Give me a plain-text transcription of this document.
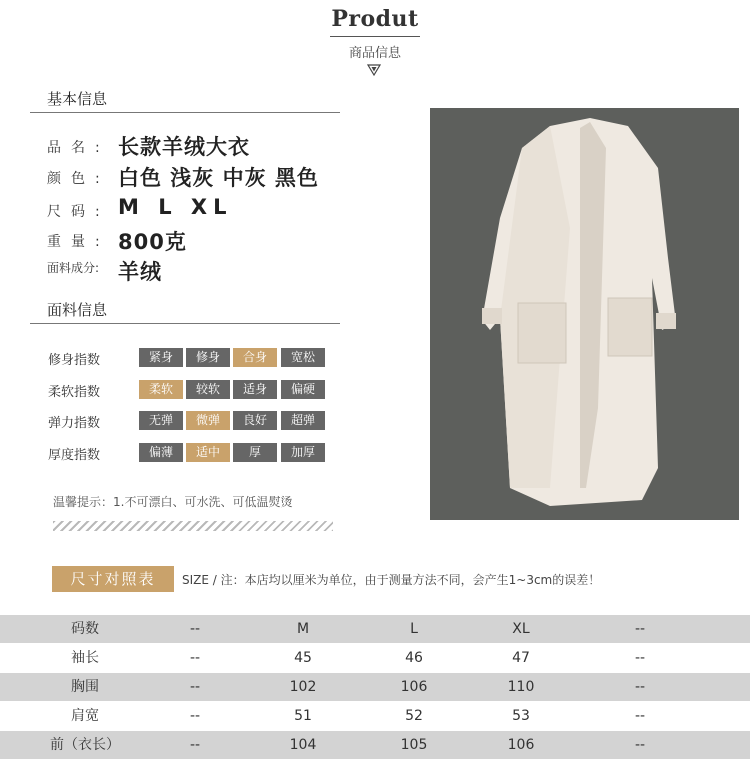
Produt
商品信息
基本信息
品名: 长款羊绒大衣
颜色: 白色 浅灰 中灰 黑色
尺码: M L XL
重量: 800克
面料成分: 羊绒
面料信息
修身指数	紧身	修身	合身	宽松
柔软指数	柔软	较软	适身	偏硬
弹力指数	无弹	微弹	良好	超弹
厚度指数	偏薄	适中	厚	加厚
温馨提示：1.不可漂白、可水洗、可低温熨烫
尺寸对照表	SIZE / 注：本店均以厘米为单位，由于测量方法不同，会产生1~3cm的误差！
码数	--	M	L	XL	--
袖长	--	45	46	47	--
胸围	--	102	106	110	--
肩宽	--	51	52	53	--
前（衣长）	--	104	105	106	--
